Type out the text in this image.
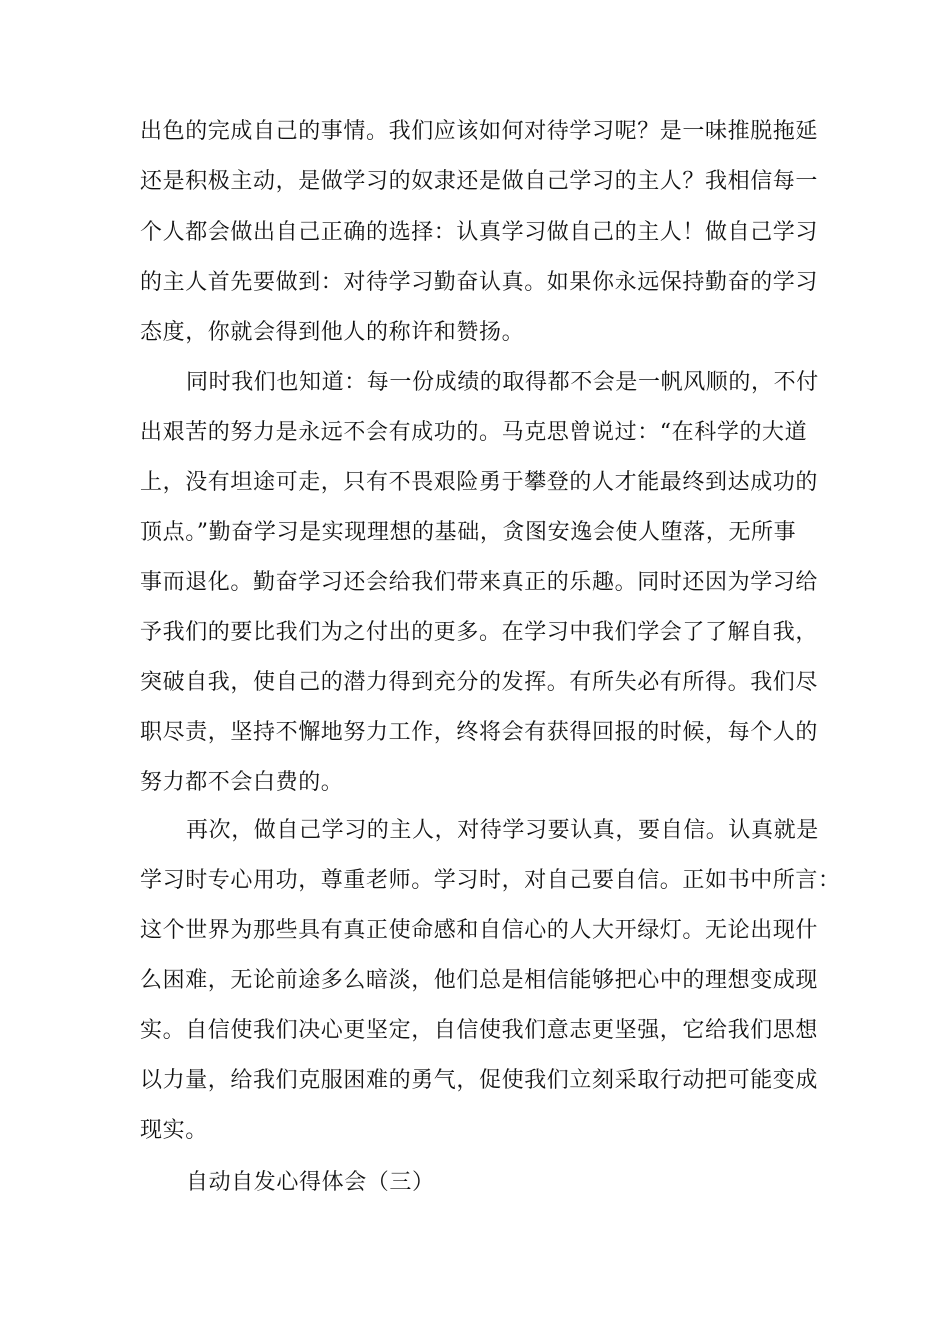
出色的完成自己的事情。我们应该如何对待学习呢？是一味推脱拖延
还是积极主动，是做学习的奴隶还是做自己学习的主人？我相信每一
个人都会做出自己正确的选择：认真学习做自己的主人！做自己学习
的主人首先要做到：对待学习勤奋认真。如果你永远保持勤奋的学习
态度，你就会得到他人的称许和赞扬。
同时我们也知道：每一份成绩的取得都不会是一帆风顺的，不付
出艰苦的努力是永远不会有成功的。马克思曾说过：“在科学的大道
上，没有坦途可走，只有不畏艰险勇于攀登的人才能最终到达成功的
顶点。”勤奋学习是实现理想的基础，贪图安逸会使人堕落，无所事
事而退化。勤奋学习还会给我们带来真正的乐趣。同时还因为学习给
予我们的要比我们为之付出的更多。在学习中我们学会了了解自我，
突破自我，使自己的潜力得到充分的发挥。有所失必有所得。我们尽
职尽责，坚持不懈地努力工作，终将会有获得回报的时候，每个人的
努力都不会白费的。
再次，做自己学习的主人，对待学习要认真，要自信。认真就是
学习时专心用功，尊重老师。学习时，对自己要自信。正如书中所言：
这个世界为那些具有真正使命感和自信心的人大开绿灯。无论出现什
么困难，无论前途多么暗淡，他们总是相信能够把心中的理想变成现
实。自信使我们决心更坚定，自信使我们意志更坚强，它给我们思想
以力量，给我们克服困难的勇气，促使我们立刻采取行动把可能变成
现实。
自动自发心得体会（三）
